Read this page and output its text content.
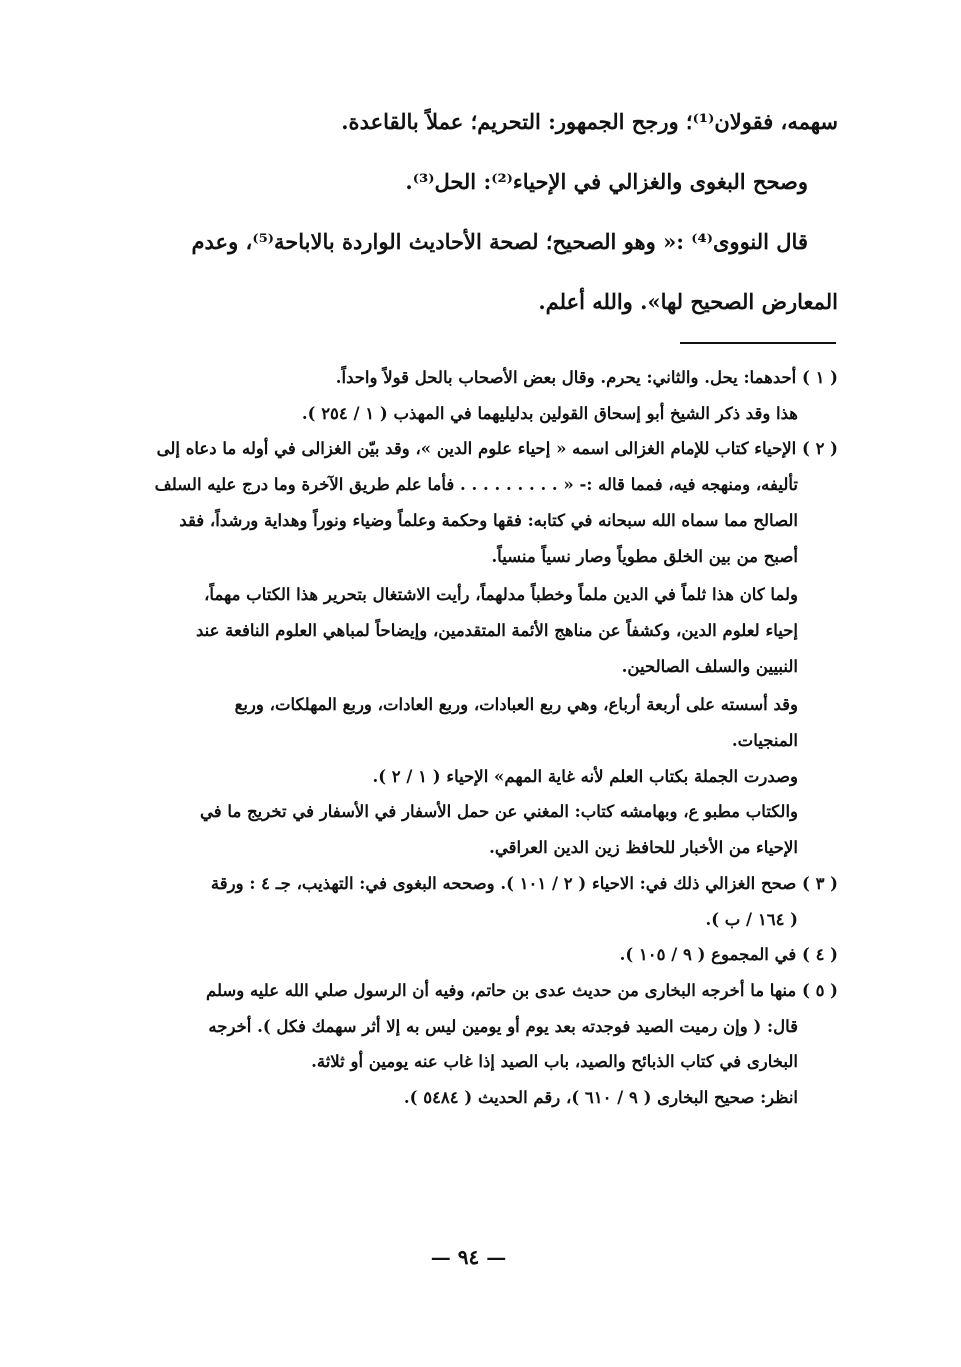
سهمه، فقولان⁽¹⁾؛ ورجح الجمهور: التحريم؛ عملاً بالقاعدة.

وصحح البغوى والغزالي في الإحياء⁽²⁾: الحل⁽³⁾.

قال النووى⁽⁴⁾ :« وهو الصحيح؛ لصحة الأحاديث الواردة بالاباحة⁽⁵⁾، وعدم

المعارض الصحيح لها». والله أعلم.

( ١ ) أحدهما: يحل. والثاني: يحرم. وقال بعض الأصحاب بالحل قولاً واحداً.

هذا وقد ذكر الشيخ أبو إسحاق القولين بدليليهما في المهذب ( ١ / ٢٥٤ ).

( ٢ ) الإحياء كتاب للإمام الغزالى اسمه « إحياء علوم الدين »، وقد بيّن الغزالى في أوله ما دعاه إلى

تأليفه، ومنهجه فيه، فمما قاله :- « . . . . . . . . . فأما علم طريق الآخرة وما درج عليه السلف

الصالح مما سماه الله سبحانه في كتابه: فقها وحكمة وعلماً وضياء ونوراً وهداية ورشداً، فقد

أصبح من بين الخلق مطوياً وصار نسياً منسياً.

ولما كان هذا ثلماً في الدين ملماً وخطباً مدلهماً، رأيت الاشتغال بتحرير هذا الكتاب مهماً،

إحياء لعلوم الدين، وكشفاً عن مناهج الأئمة المتقدمين، وإيضاحاً لمباهي العلوم النافعة عند

النبيين والسلف الصالحين.

وقد أسسته على أربعة أرباع، وهي ربع العبادات، وربع العادات، وربع المهلكات، وربع

المنجيات.

وصدرت الجملة بكتاب العلم لأنه غاية المهم» الإحياء ( ١ / ٢ ).

والكتاب مطبو ع، وبهامشه كتاب: المغني عن حمل الأسفار في الأسفار في تخريج ما في

الإحياء من الأخبار للحافظ زين الدين العراقي.

( ٣ ) صحح الغزالي ذلك في: الاحياء ( ٢ / ١٠١ ). وصححه البغوى في: التهذيب، جـ ٤ : ورقة

( ١٦٤ / ب ).

( ٤ ) في المجموع ( ٩ / ١٠٥ ).

( ٥ ) منها ما أخرجه البخارى من حديث عدى بن حاتم، وفيه أن الرسول صلي الله عليه وسلم

قال: ( وإن رميت الصيد فوجدته بعد يوم أو يومين ليس به إلا أثر سهمك فكل ). أخرجه

البخارى في كتاب الذبائح والصيد، باب الصيد إذا غاب عنه يومين أو ثلاثة.

انظر: صحيح البخارى ( ٩ / ٦١٠ )، رقم الحديث ( ٥٤٨٤ ).

— ٩٤ —
